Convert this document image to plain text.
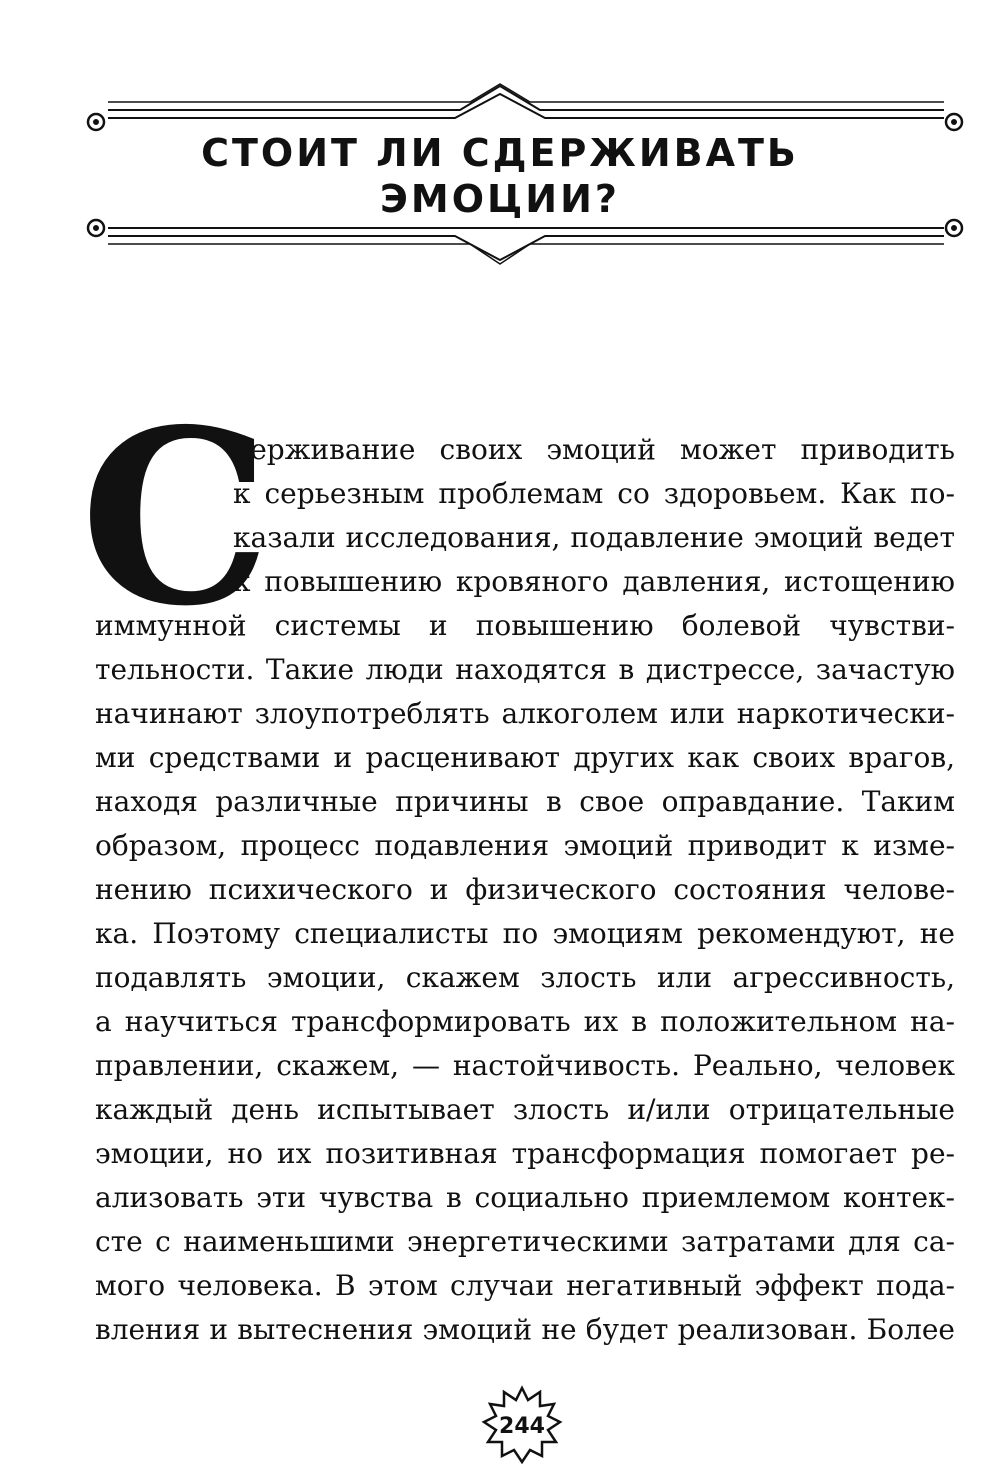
СТОИТ ЛИ СДЕРЖИВАТЬ
ЭМОЦИИ?
С
держивание своих эмоций может приводить
к серьезным проблемам со здоровьем. Как по-
казали исследования, подавление эмоций ведет
к повышению кровяного давления, истощению
иммунной системы и повышению болевой чувстви-
тельности. Такие люди находятся в дистрессе, зачастую
начинают злоупотреблять алкоголем или наркотически-
ми средствами и расценивают других как своих врагов,
находя различные причины в свое оправдание. Таким
образом, процесс подавления эмоций приводит к изме-
нению психического и физического состояния челове-
ка. Поэтому специалисты по эмоциям рекомендуют, не
подавлять эмоции, скажем злость или агрессивность,
а научиться трансформировать их в положительном на-
правлении, скажем, — настойчивость. Реально, человек
каждый день испытывает злость и/или отрицательные
эмоции, но их позитивная трансформация помогает ре-
ализовать эти чувства в социально приемлемом контек-
сте с наименьшими энергетическими затратами для са-
мого человека. В этом случаи негативный эффект пода-
вления и вытеснения эмоций не будет реализован. Более
244
